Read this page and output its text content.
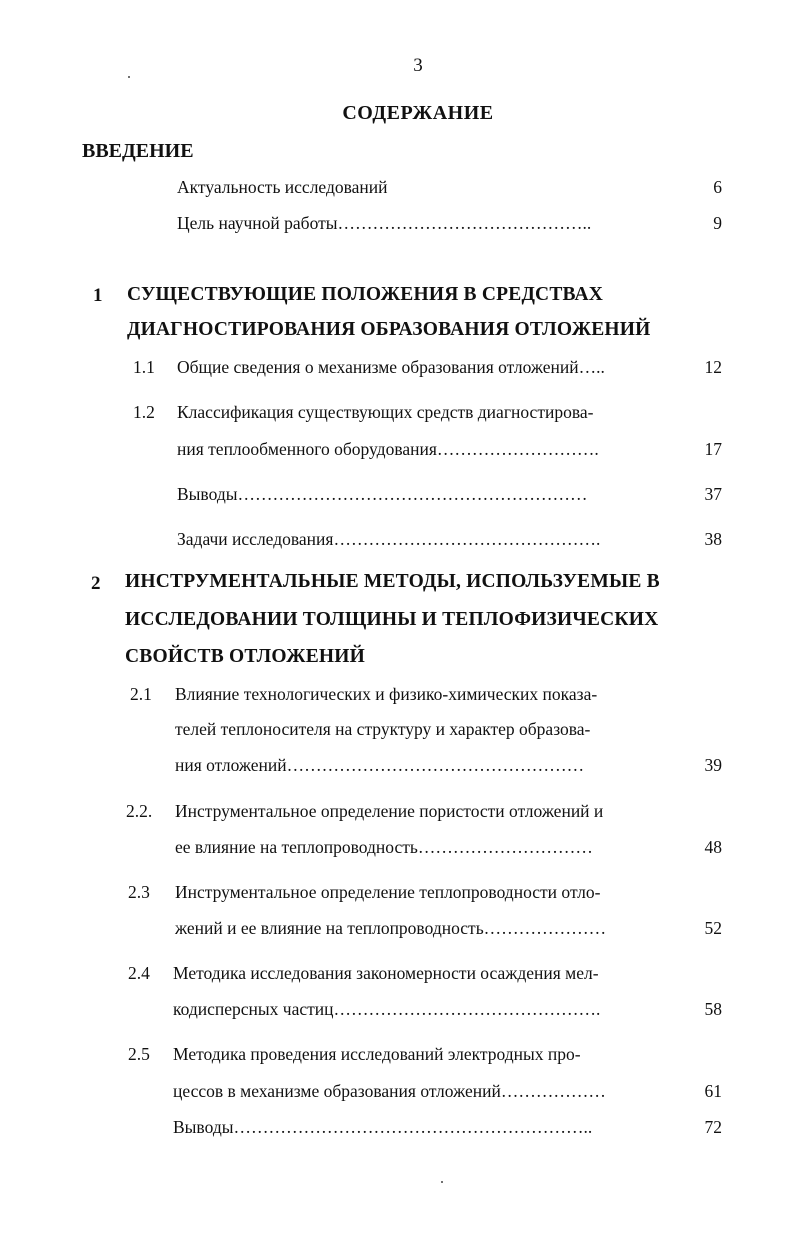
3
СОДЕРЖАНИЕ
ВВЕДЕНИЕ
Актуальность исследований	6
Цель научной работы……………………………………..	9
1 СУЩЕСТВУЮЩИЕ ПОЛОЖЕНИЯ В СРЕДСТВАХ
ДИАГНОСТИРОВАНИЯ ОБРАЗОВАНИЯ ОТЛОЖЕНИЙ
1.1 Общие сведения о механизме образования отложений…..	12
1.2 Классификация существующих средств диагностирова-
ния теплообменного оборудования……………………….	17
Выводы……………………………………………………	37
Задачи исследования……………………………………….	38
2 ИНСТРУМЕНТАЛЬНЫЕ МЕТОДЫ, ИСПОЛЬЗУЕМЫЕ В
ИССЛЕДОВАНИИ ТОЛЩИНЫ И ТЕПЛОФИЗИЧЕСКИХ
СВОЙСТВ ОТЛОЖЕНИЙ
2.1 Влияние технологических и физико-химических показа-
телей теплоносителя на структуру и характер образова-
ния отложений……………………………………………	39
2.2. Инструментальное определение пористости отложений и
ее влияние на теплопроводность…………………………	48
2.3 Инструментальное определение теплопроводности отло-
жений и ее влияние на теплопроводность…………………	52
2.4 Методика исследования закономерности осаждения мел-
кодисперсных частиц……………………………………….	58
2.5 Методика проведения исследований электродных про-
цессов в механизме образования отложений………………	61
Выводы……………………………………………………..	72
